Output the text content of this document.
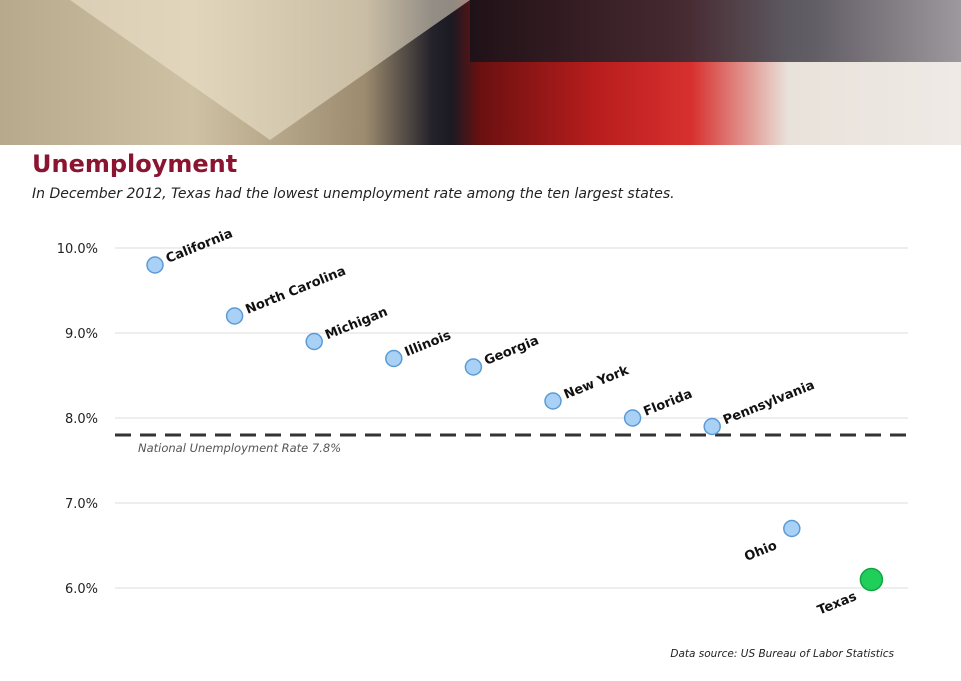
Unemployment

In December 2012, Texas had the lowest unemployment rate among the ten largest states.

10.0%
9.0%
8.0%
7.0%
6.0%
National Unemployment Rate 7.8%
California
North Carolina
Michigan
Illinois Georgia
New York
Florida Pennsylvania
Ohio
Texas

Data source: US Bureau of Labor Statistics
